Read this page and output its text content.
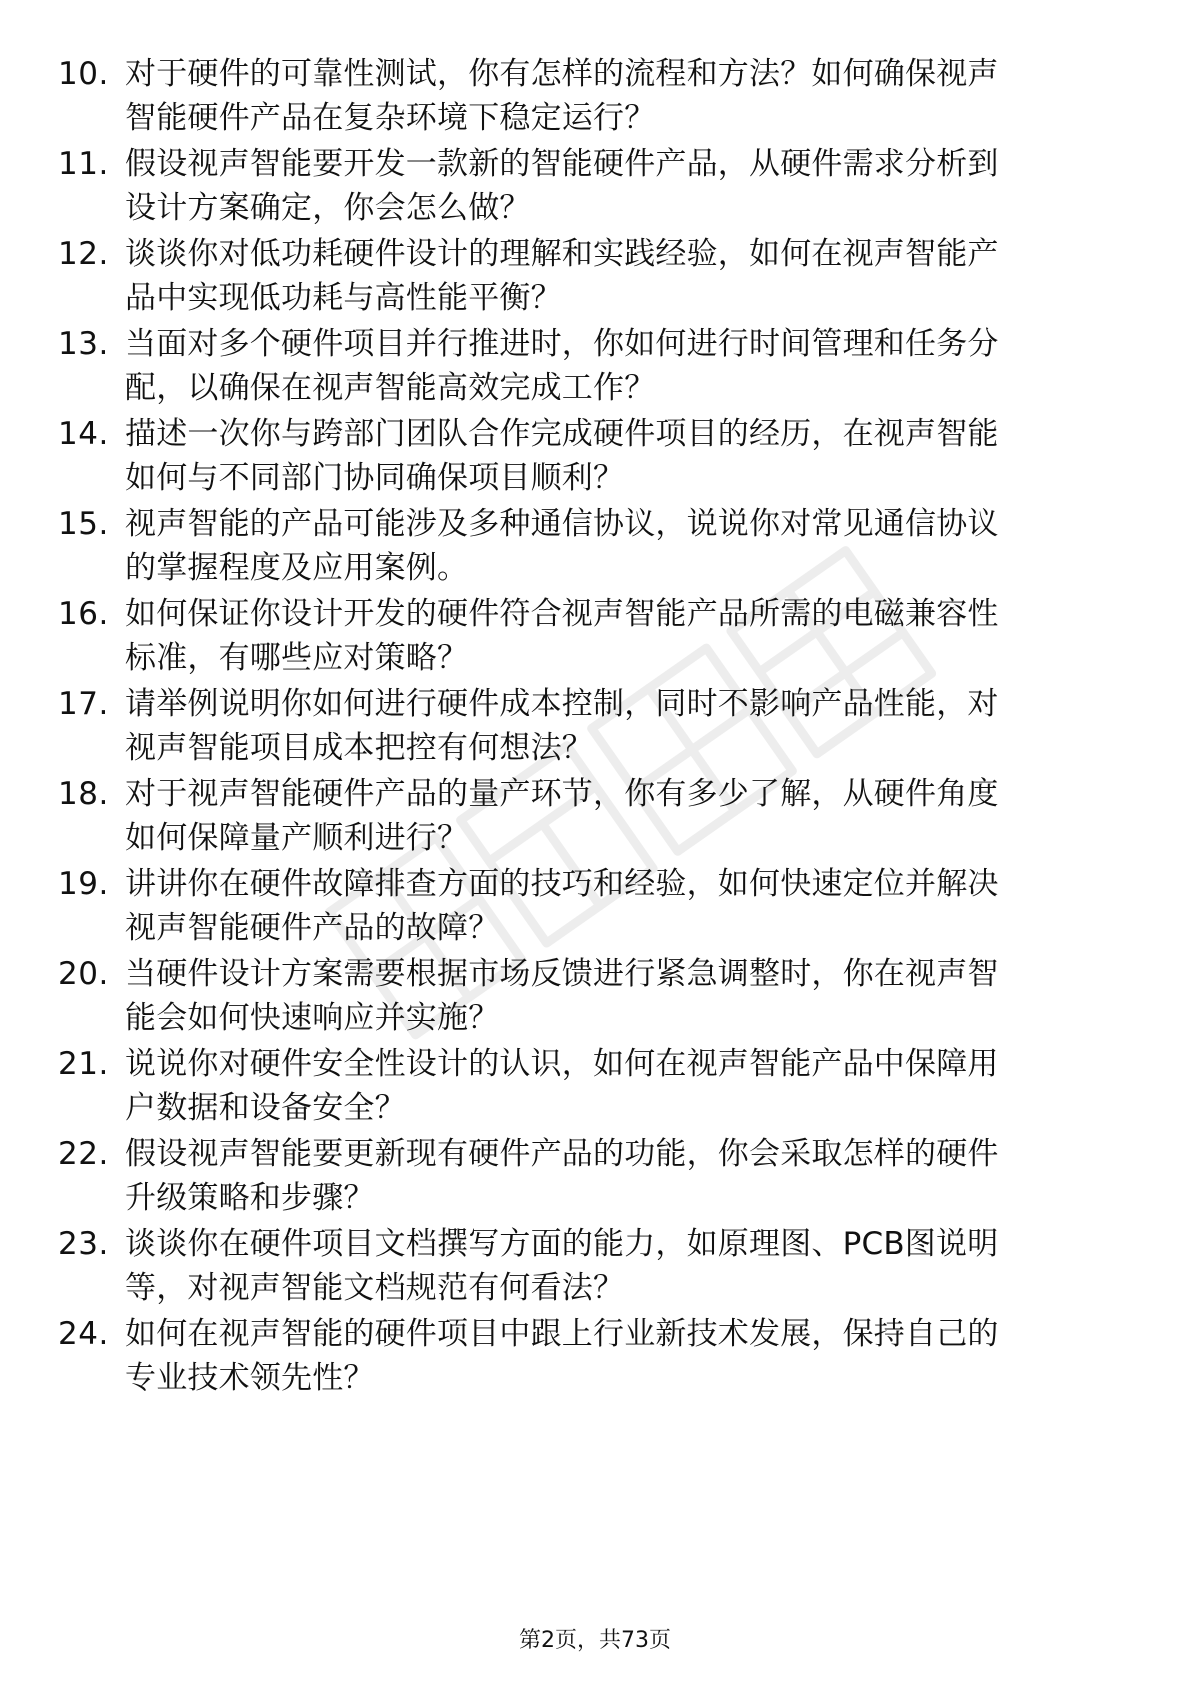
10. 对于硬件的可靠性测试，你有怎样的流程和方法？如何确保视声
智能硬件产品在复杂环境下稳定运行？
11. 假设视声智能要开发一款新的智能硬件产品，从硬件需求分析到
设计方案确定，你会怎么做？
12. 谈谈你对低功耗硬件设计的理解和实践经验，如何在视声智能产
品中实现低功耗与高性能平衡？
13. 当面对多个硬件项目并行推进时，你如何进行时间管理和任务分
配，以确保在视声智能高效完成工作？
14. 描述一次你与跨部门团队合作完成硬件项目的经历，在视声智能
如何与不同部门协同确保项目顺利？
15. 视声智能的产品可能涉及多种通信协议，说说你对常见通信协议
的掌握程度及应用案例。
16. 如何保证你设计开发的硬件符合视声智能产品所需的电磁兼容性
标准，有哪些应对策略？
17. 请举例说明你如何进行硬件成本控制，同时不影响产品性能，对
视声智能项目成本把控有何想法？
18. 对于视声智能硬件产品的量产环节，你有多少了解，从硬件角度
如何保障量产顺利进行？
19. 讲讲你在硬件故障排查方面的技巧和经验，如何快速定位并解决
视声智能硬件产品的故障？
20. 当硬件设计方案需要根据市场反馈进行紧急调整时，你在视声智
能会如何快速响应并实施？
21. 说说你对硬件安全性设计的认识，如何在视声智能产品中保障用
户数据和设备安全？
22. 假设视声智能要更新现有硬件产品的功能，你会采取怎样的硬件
升级策略和步骤？
23. 谈谈你在硬件项目文档撰写方面的能力，如原理图、PCB图说明
等，对视声智能文档规范有何看法？
24. 如何在视声智能的硬件项目中跟上行业新技术发展，保持自己的
专业技术领先性？
第2页，共73页
